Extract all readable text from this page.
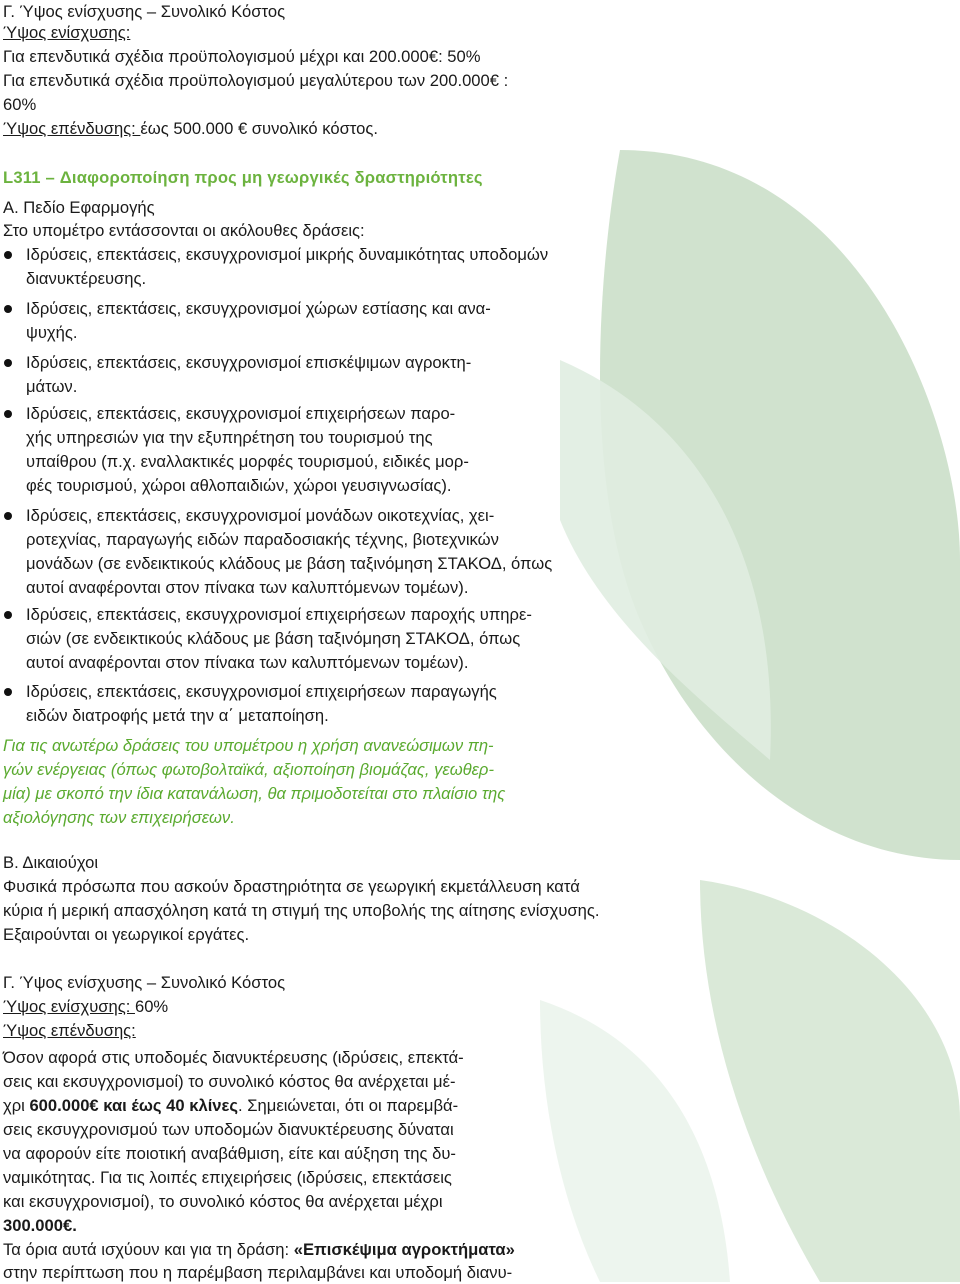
Γ. Ύψος ενίσχυσης – Συνολικό Κόστος
Ύψος ενίσχυσης:
Για επενδυτικά σχέδια προϋπολογισμού μέχρι και 200.000€: 50%
Για επενδυτικά σχέδια προϋπολογισμού μεγαλύτερου των 200.000€ :
60%
Ύψος επένδυσης: έως 500.000 € συνολικό κόστος.
L311 – Διαφοροποίηση προς μη γεωργικές δραστηριότητες
Α. Πεδίο Εφαρμογής
Στο υπομέτρο εντάσσονται οι ακόλουθες δράσεις:
Ιδρύσεις, επεκτάσεις, εκσυγχρονισμοί μικρής δυναμικότητας υποδομών
διανυκτέρευσης.
Ιδρύσεις, επεκτάσεις, εκσυγχρονισμοί χώρων εστίασης και ανα-
ψυχής.
Ιδρύσεις, επεκτάσεις, εκσυγχρονισμοί επισκέψιμων αγροκτη-
μάτων.
Ιδρύσεις, επεκτάσεις, εκσυγχρονισμοί επιχειρήσεων παρο-
χής υπηρεσιών για την εξυπηρέτηση του τουρισμού της
υπαίθρου (π.χ. εναλλακτικές μορφές τουρισμού, ειδικές μορ-
φές τουρισμού, χώροι αθλοπαιδιών, χώροι γευσιγνωσίας).
Ιδρύσεις, επεκτάσεις, εκσυγχρονισμοί μονάδων οικοτεχνίας, χει-
ροτεχνίας, παραγωγής ειδών παραδοσιακής τέχνης, βιοτεχνικών
μονάδων (σε ενδεικτικούς κλάδους με βάση ταξινόμηση ΣΤΑΚΟΔ, όπως
αυτοί αναφέρονται στον πίνακα των καλυπτόμενων τομέων).
Ιδρύσεις, επεκτάσεις, εκσυγχρονισμοί επιχειρήσεων παροχής υπηρε-
σιών (σε ενδεικτικούς κλάδους με βάση ταξινόμηση ΣΤΑΚΟΔ, όπως
αυτοί αναφέρονται στον πίνακα των καλυπτόμενων τομέων).
Ιδρύσεις, επεκτάσεις, εκσυγχρονισμοί επιχειρήσεων παραγωγής
ειδών διατροφής μετά την α΄ μεταποίηση.
Για τις ανωτέρω δράσεις του υπομέτρου η χρήση ανανεώσιμων πη-
γών ενέργειας (όπως φωτοβολταϊκά, αξιοποίηση βιομάζας, γεωθερ-
μία) με σκοπό την ίδια κατανάλωση, θα πριμοδοτείται στο πλαίσιο της
αξιολόγησης των επιχειρήσεων.
Β. Δικαιούχοι
Φυσικά πρόσωπα που ασκούν δραστηριότητα σε γεωργική εκμετάλλευση κατά
κύρια ή μερική απασχόληση κατά τη στιγμή της υποβολής της αίτησης ενίσχυσης.
Εξαιρούνται οι γεωργικοί εργάτες.
Γ. Ύψος ενίσχυσης – Συνολικό Κόστος
Ύψος ενίσχυσης: 60%
Ύψος επένδυσης:
Όσον αφορά στις υποδομές διανυκτέρευσης (ιδρύσεις, επεκτά-
σεις και εκσυγχρονισμοί) το συνολικό κόστος θα ανέρχεται μέ-
χρι 600.000€ και έως 40 κλίνες. Σημειώνεται, ότι οι παρεμβά-
σεις εκσυγχρονισμού των υποδομών διανυκτέρευσης δύναται
να αφορούν είτε ποιοτική αναβάθμιση, είτε και αύξηση της δυ-
ναμικότητας. Για τις λοιπές επιχειρήσεις (ιδρύσεις, επεκτάσεις
και εκσυγχρονισμοί), το συνολικό κόστος θα ανέρχεται μέχρι
300.000€.
Τα όρια αυτά ισχύουν και για τη δράση: «Επισκέψιμα αγροκτήματα»
στην περίπτωση που η παρέμβαση περιλαμβάνει και υποδομή διανυ-
